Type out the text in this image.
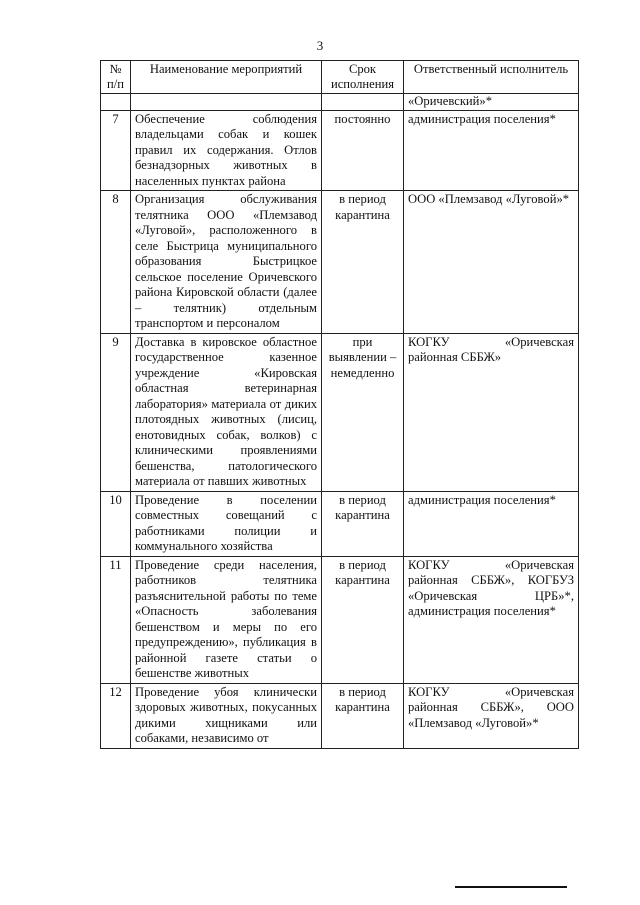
3
№ п/п	Наименование мероприятий	Срок исполнения	Ответственный исполнитель
			«Оричевский»*
7	Обеспечение соблюдения владельцами собак и кошек правил их содержания. Отлов безнадзорных животных в населенных пунктах района	постоянно	администрация поселения*
8	Организация обслуживания телятника ООО «Племзавод «Луговой», расположенного в селе Быстрица муниципального образования Быстрицкое сельское поселение Оричевского района Кировской области (далее – телятник) отдельным транспортом и персоналом	в период карантина	ООО «Племзавод «Луговой»*
9	Доставка в кировское областное государственное казенное учреждение «Кировская областная ветеринарная лаборатория» материала от диких плотоядных животных (лисиц, енотовидных собак, волков) с клиническими проявлениями бешенства, патологического материала от павших животных	при выявлении – немедленно	КОГКУ «Оричевская районная СББЖ»
10	Проведение в поселении совместных совещаний с работниками полиции и коммунального хозяйства	в период карантина	администрация поселения*
11	Проведение среди населения, работников телятника разъяснительной работы по теме «Опасность заболевания бешенством и меры по его предупреждению», публикация в районной газете статьи о бешенстве животных	в период карантина	КОГКУ «Оричевская районная СББЖ», КОГБУЗ «Оричевская ЦРБ»*, администрация поселения*
12	Проведение убоя клинически здоровых животных, покусанных дикими хищниками или собаками, независимо от	в период карантина	КОГКУ «Оричевская районная СББЖ», ООО «Племзавод «Луговой»*
